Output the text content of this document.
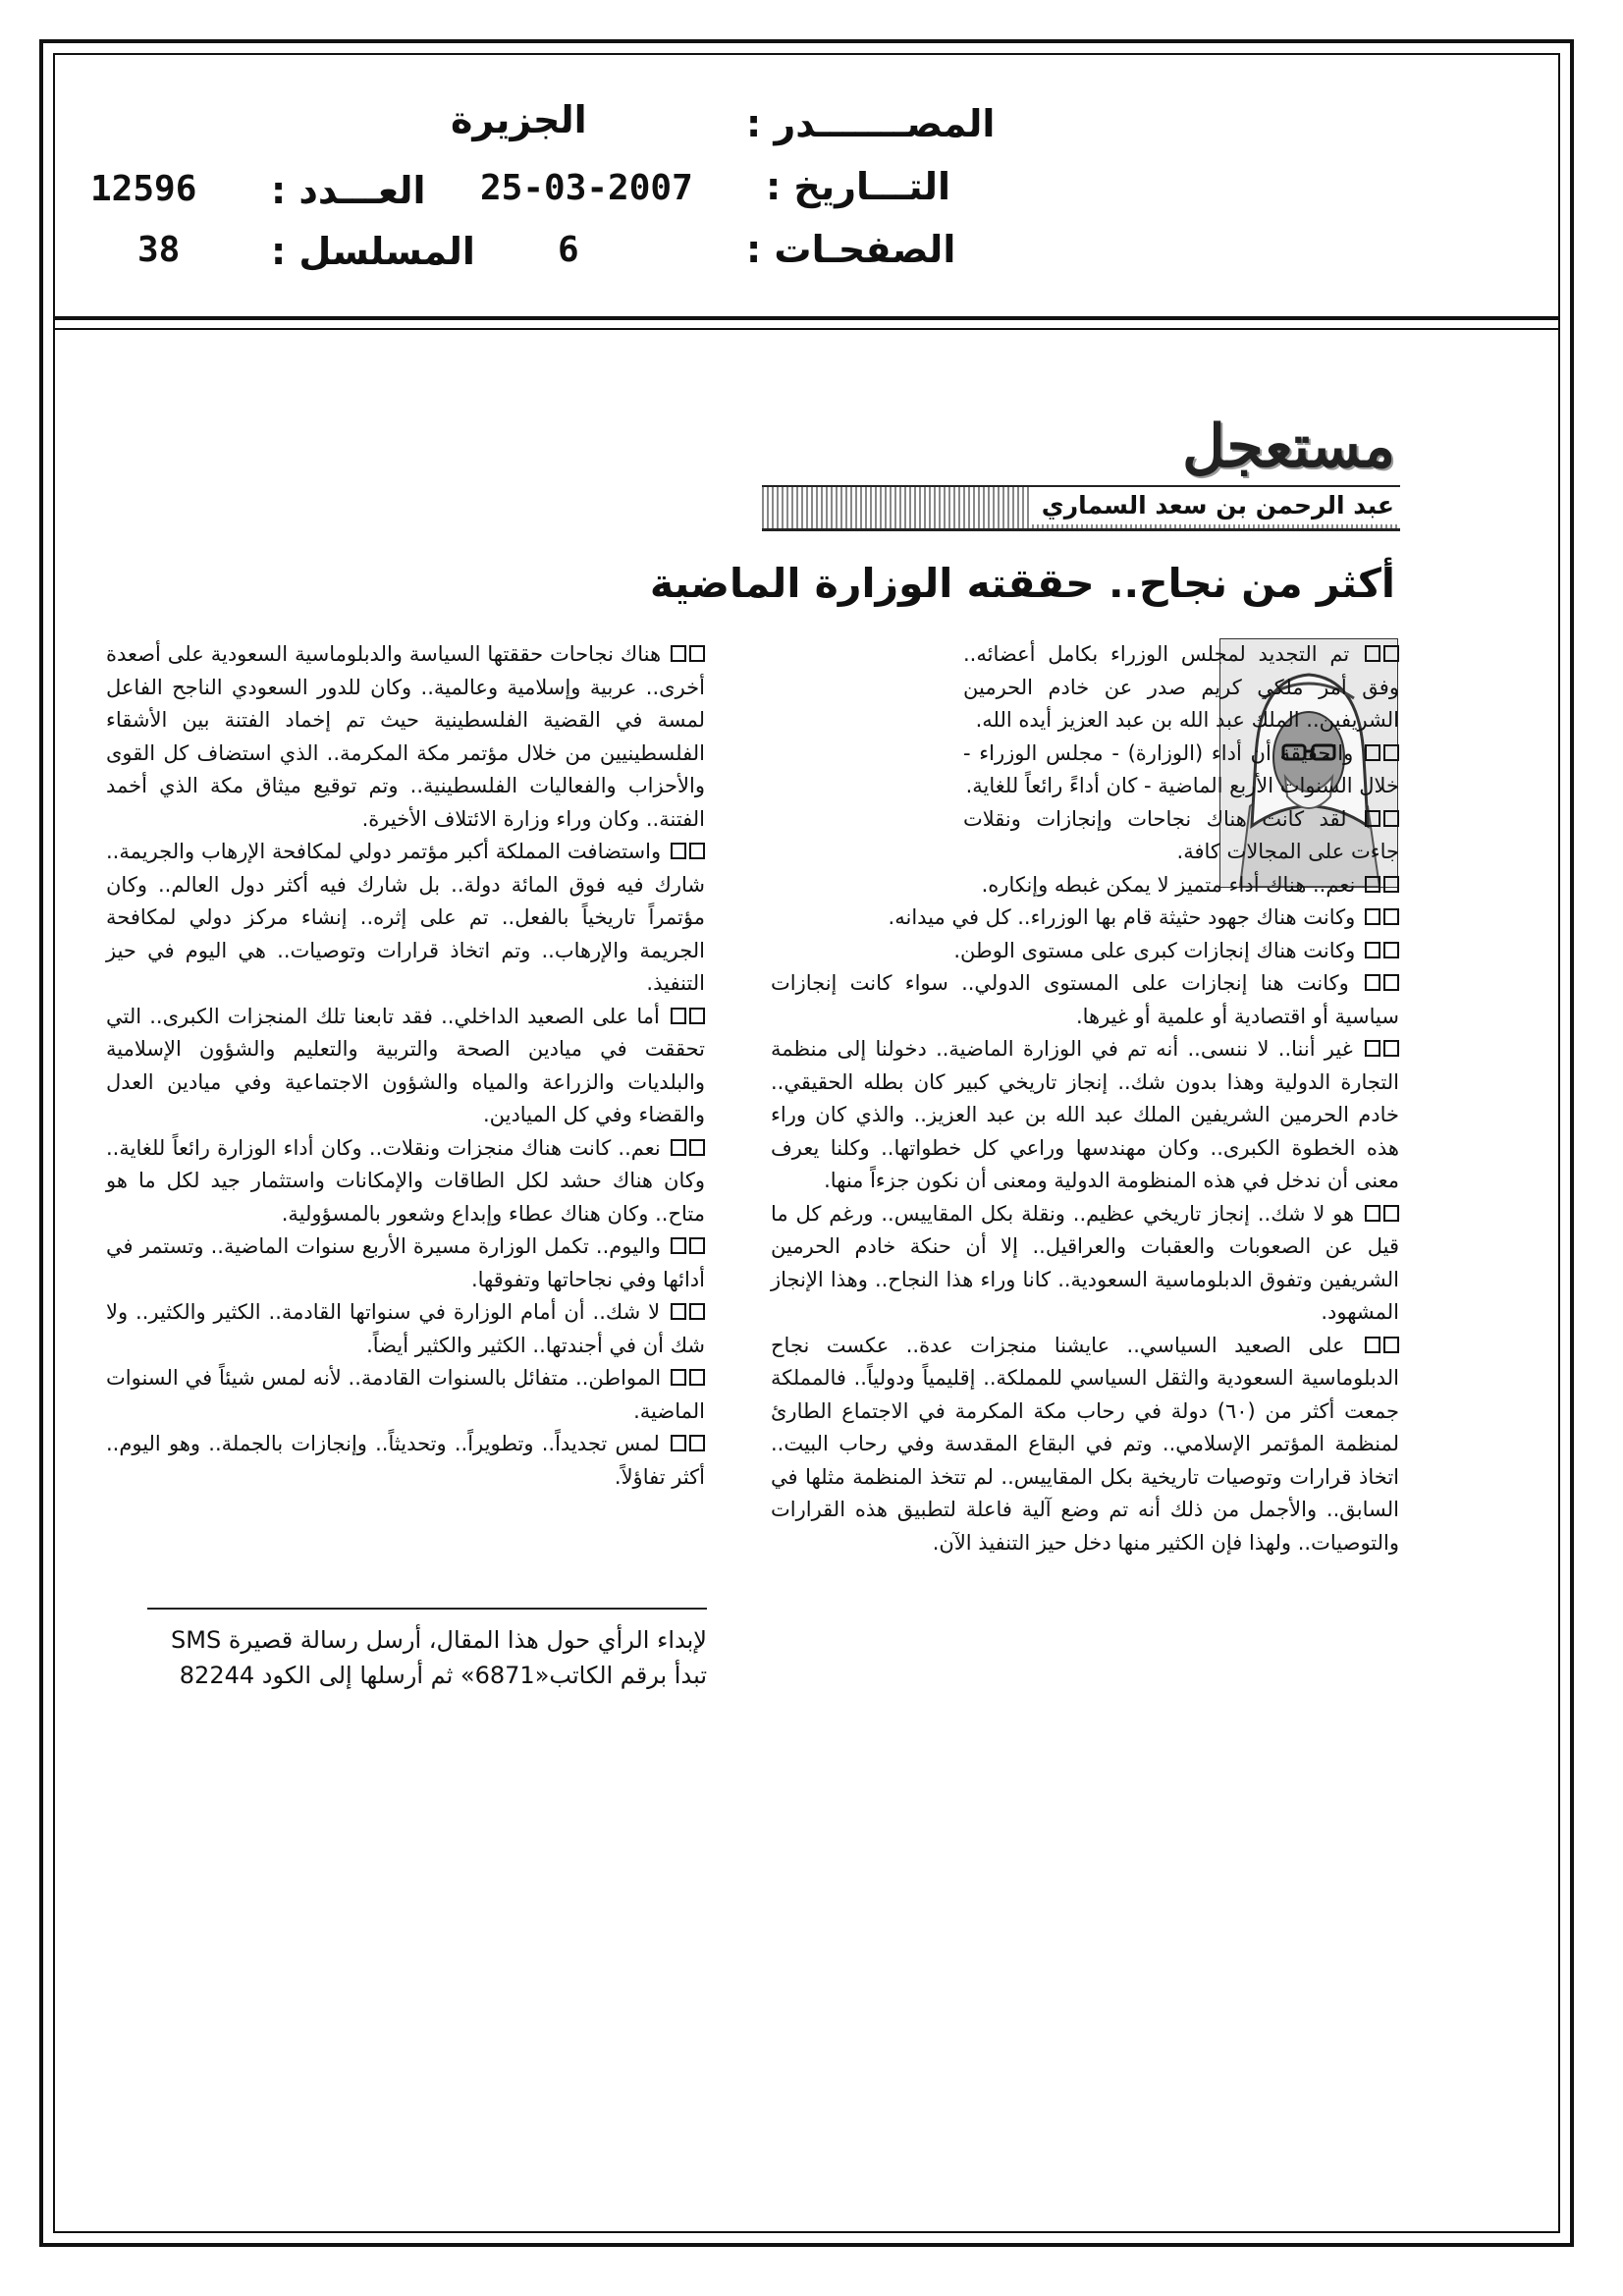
المصـــــــدر :
الجزيرة
التـــاريخ :
25-03-2007
العـــدد :
12596
الصفحـات :
6
المسلسل :
38
مستعجل
عبد الرحمن بن سعد السماري
أكثر من نجاح.. حققته الوزارة الماضية

تم التجديد لمجلس الوزراء بكامل أعضائه.. وفق أمر ملكي كريم صدر عن خادم الحرمين الشريفين.. الملك عبد الله بن عبد العزيز أيده الله.

والحقيقة أن أداء (الوزارة) - مجلس الوزراء - خلال السنوات الأربع الماضية - كان أداءً رائعاً للغاية.

لقد كانت هناك نجاحات وإنجازات ونقلات جاءت على المجالات كافة.

نعم.. هناك أداء متميز لا يمكن غبطه وإنكاره.

وكانت هناك جهود حثيثة قام بها الوزراء.. كل في ميدانه.

وكانت هناك إنجازات كبرى على مستوى الوطن.

وكانت هنا إنجازات على المستوى الدولي.. سواء كانت إنجازات سياسية أو اقتصادية أو علمية أو غيرها.

غير أننا.. لا ننسى.. أنه تم في الوزارة الماضية.. دخولنا إلى منظمة التجارة الدولية وهذا بدون شك.. إنجاز تاريخي كبير كان بطله الحقيقي.. خادم الحرمين الشريفين الملك عبد الله بن عبد العزيز.. والذي كان وراء هذه الخطوة الكبرى.. وكان مهندسها وراعي كل خطواتها.. وكلنا يعرف معنى أن ندخل في هذه المنظومة الدولية ومعنى أن نكون جزءاً منها.

هو لا شك.. إنجاز تاريخي عظيم.. ونقلة بكل المقاييس.. ورغم كل ما قيل عن الصعوبات والعقبات والعراقيل.. إلا أن حنكة خادم الحرمين الشريفين وتفوق الدبلوماسية السعودية.. كانا وراء هذا النجاح.. وهذا الإنجاز المشهود.

على الصعيد السياسي.. عايشنا منجزات عدة.. عكست نجاح الدبلوماسية السعودية والثقل السياسي للمملكة.. إقليمياً ودولياً.. فالمملكة جمعت أكثر من (٦٠) دولة في رحاب مكة المكرمة في الاجتماع الطارئ لمنظمة المؤتمر الإسلامي.. وتم في البقاع المقدسة وفي رحاب البيت.. اتخاذ قرارات وتوصيات تاريخية بكل المقاييس.. لم تتخذ المنظمة مثلها في السابق.. والأجمل من ذلك أنه تم وضع آلية فاعلة لتطبيق هذه القرارات والتوصيات.. ولهذا فإن الكثير منها دخل حيز التنفيذ الآن.

هناك نجاحات حققتها السياسة والدبلوماسية السعودية على أصعدة أخرى.. عربية وإسلامية وعالمية.. وكان للدور السعودي الناجح الفاعل لمسة في القضية الفلسطينية حيث تم إخماد الفتنة بين الأشقاء الفلسطينيين من خلال مؤتمر مكة المكرمة.. الذي استضاف كل القوى والأحزاب والفعاليات الفلسطينية.. وتم توقيع ميثاق مكة الذي أخمد الفتنة.. وكان وراء وزارة الائتلاف الأخيرة.

واستضافت المملكة أكبر مؤتمر دولي لمكافحة الإرهاب والجريمة.. شارك فيه فوق المائة دولة.. بل شارك فيه أكثر دول العالم.. وكان مؤتمراً تاريخياً بالفعل.. تم على إثره.. إنشاء مركز دولي لمكافحة الجريمة والإرهاب.. وتم اتخاذ قرارات وتوصيات.. هي اليوم في حيز التنفيذ.

أما على الصعيد الداخلي.. فقد تابعنا تلك المنجزات الكبرى.. التي تحققت في ميادين الصحة والتربية والتعليم والشؤون الإسلامية والبلديات والزراعة والمياه والشؤون الاجتماعية وفي ميادين العدل والقضاء وفي كل الميادين.

نعم.. كانت هناك منجزات ونقلات.. وكان أداء الوزارة رائعاً للغاية.. وكان هناك حشد لكل الطاقات والإمكانات واستثمار جيد لكل ما هو متاح.. وكان هناك عطاء وإبداع وشعور بالمسؤولية.

واليوم.. تكمل الوزارة مسيرة الأربع سنوات الماضية.. وتستمر في أدائها وفي نجاحاتها وتفوقها.

لا شك.. أن أمام الوزارة في سنواتها القادمة.. الكثير والكثير.. ولا شك أن في أجندتها.. الكثير والكثير أيضاً.

المواطن.. متفائل بالسنوات القادمة.. لأنه لمس شيئاً في السنوات الماضية.

لمس تجديداً.. وتطويراً.. وتحديثاً.. وإنجازات بالجملة.. وهو اليوم.. أكثر تفاؤلاً.

لإبداء الرأي حول هذا المقال، أرسل رسالة قصيرة SMS
تبدأ برقم الكاتب«6871» ثم أرسلها إلى الكود 82244
